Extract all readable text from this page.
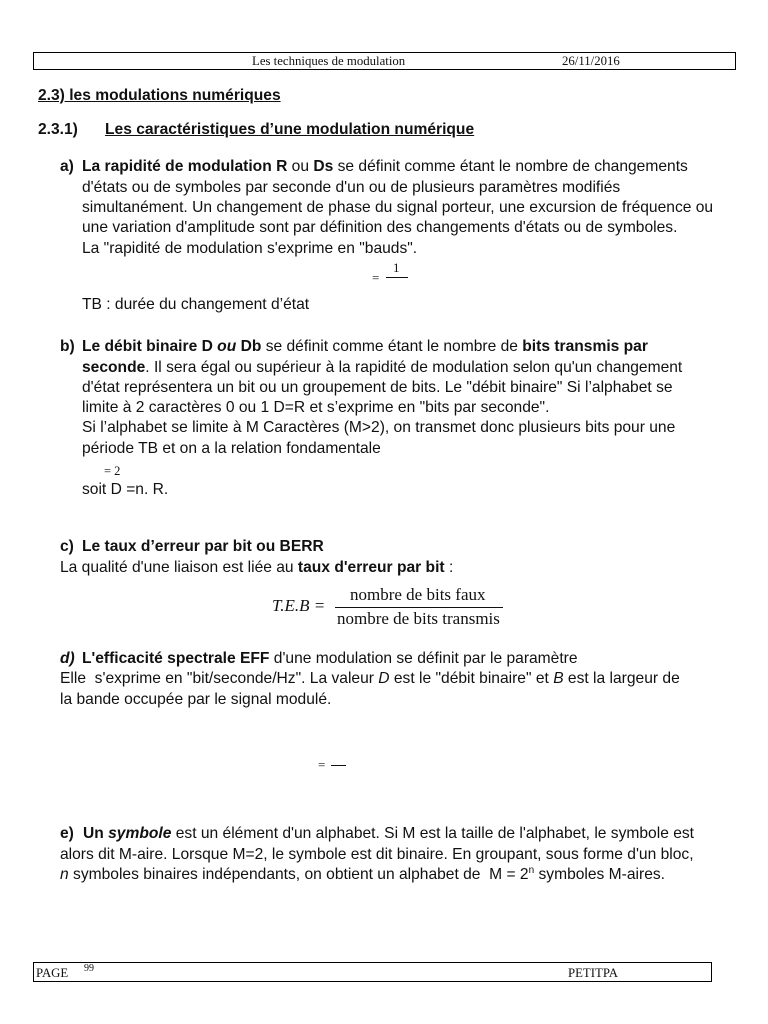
Les techniques de modulation	26/11/2016
2.3) les modulations numériques
2.3.1) Les caractéristiques d’une modulation numérique
a) La rapidité de modulation R ou Ds se définit comme étant le nombre de changements
d'états ou de symboles par seconde d'un ou de plusieurs paramètres modifiés
simultanément. Un changement de phase du signal porteur, une excursion de fréquence ou
une variation d'amplitude sont par définition des changements d'états ou de symboles.
La "rapidité de modulation s'exprime en "bauds".
=
1
TB : durée du changement d’état
b) Le débit binaire D ou Db se définit comme étant le nombre de bits transmis par
seconde. Il sera égal ou supérieur à la rapidité de modulation selon qu'un changement
d'état représentera un bit ou un groupement de bits. Le "débit binaire" Si l’alphabet se
limite à 2 caractères 0 ou 1 D=R et s’exprime en "bits par seconde".
Si l’alphabet se limite à M Caractères (M>2), on transmet donc plusieurs bits pour une
période TB et on a la relation fondamentale
= 2
soit D =n. R.
c) Le taux d’erreur par bit ou BERR
La qualité d'une liaison est liée au taux d'erreur par bit :
T.E.B =
nombre de bits faux
nombre de bits transmis
d) L'efficacité spectrale EFF d'une modulation se définit par le paramètre
Elle  s'exprime en "bit/seconde/Hz". La valeur D est le "débit binaire" et B est la largeur de
la bande occupée par le signal modulé.
=
e) Un symbole est un élément d'un alphabet. Si M est la taille de l'alphabet, le symbole est
alors dit M-aire. Lorsque M=2, le symbole est dit binaire. En groupant, sous forme d'un bloc,
n symboles binaires indépendants, on obtient un alphabet de  $M = 2^n$ symboles M-aires.
PAGE 99	PETITPA
